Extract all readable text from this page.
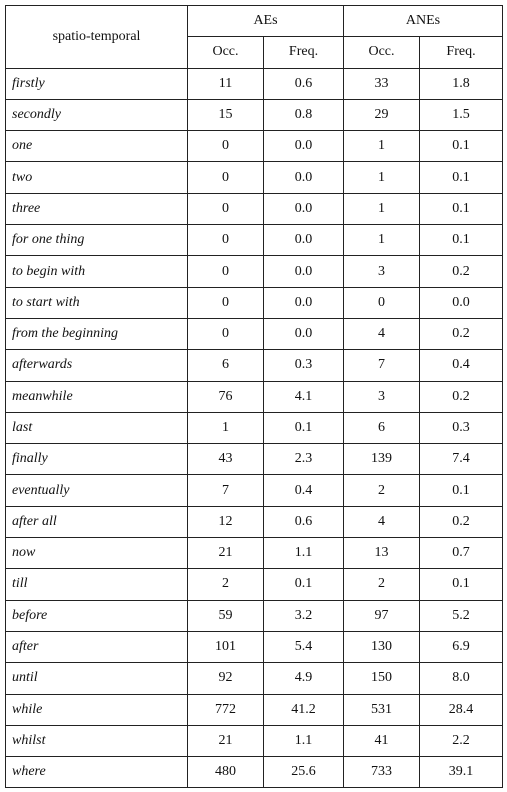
spatio-temporal	AEs		ANEs	
	Occ.	Freq.	Occ.	Freq.
firstly	11	0.6	33	1.8
secondly	15	0.8	29	1.5
one	0	0.0	1	0.1
two	0	0.0	1	0.1
three	0	0.0	1	0.1
for one thing	0	0.0	1	0.1
to begin with	0	0.0	3	0.2
to start with	0	0.0	0	0.0
from the beginning	0	0.0	4	0.2
afterwards	6	0.3	7	0.4
meanwhile	76	4.1	3	0.2
last	1	0.1	6	0.3
finally	43	2.3	139	7.4
eventually	7	0.4	2	0.1
after all	12	0.6	4	0.2
now	21	1.1	13	0.7
till	2	0.1	2	0.1
before	59	3.2	97	5.2
after	101	5.4	130	6.9
until	92	4.9	150	8.0
while	772	41.2	531	28.4
whilst	21	1.1	41	2.2
where	480	25.6	733	39.1
